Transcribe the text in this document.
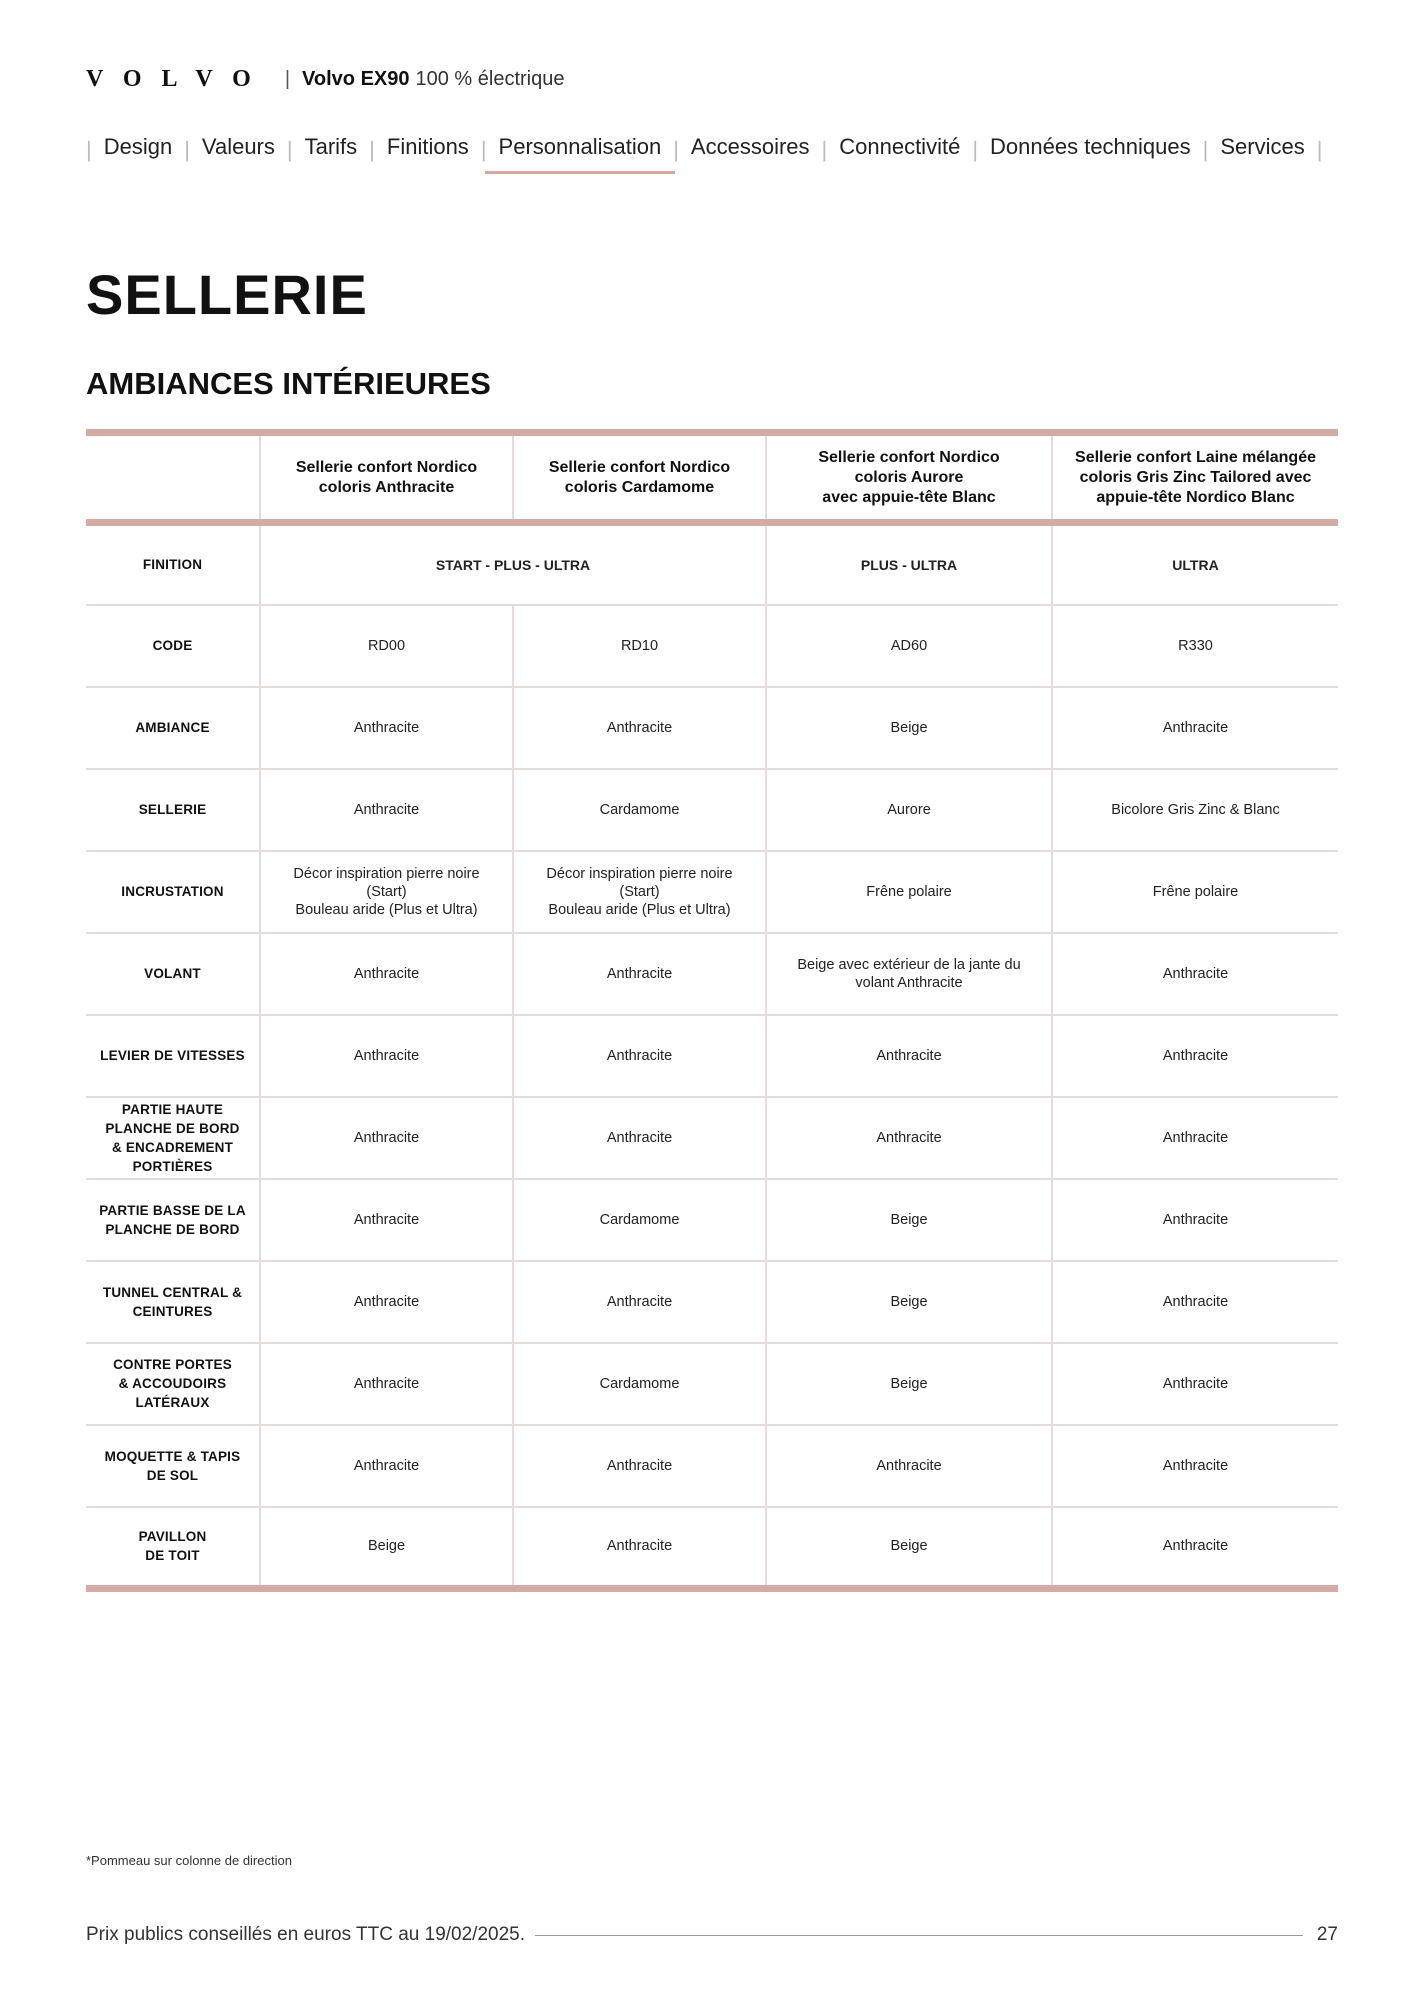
VOLVO | Volvo EX90 100 % électrique
| Design | Valeurs | Tarifs | Finitions | Personnalisation | Accessoires | Connectivité | Données techniques | Services |
SELLERIE
AMBIANCES INTÉRIEURES
	Sellerie confort Nordico
coloris Anthracite	Sellerie confort Nordico
coloris Cardamome	Sellerie confort Nordico
coloris Aurore
avec appuie-tête Blanc	Sellerie confort Laine mélangée
coloris Gris Zinc Tailored avec
appuie-tête Nordico Blanc
FINITION	START - PLUS - ULTRA		PLUS - ULTRA	ULTRA
CODE	RD00	RD10	AD60	R330
AMBIANCE	Anthracite	Anthracite	Beige	Anthracite
SELLERIE	Anthracite	Cardamome	Aurore	Bicolore Gris Zinc & Blanc
INCRUSTATION	Décor inspiration pierre noire
(Start)
Bouleau aride (Plus et Ultra)	Décor inspiration pierre noire
(Start)
Bouleau aride (Plus et Ultra)	Frêne polaire	Frêne polaire
VOLANT	Anthracite	Anthracite	Beige avec extérieur de la jante du
volant Anthracite	Anthracite
LEVIER DE VITESSES	Anthracite	Anthracite	Anthracite	Anthracite
PARTIE HAUTE
PLANCHE DE BORD
& ENCADREMENT
PORTIÈRES	Anthracite	Anthracite	Anthracite	Anthracite
PARTIE BASSE DE LA
PLANCHE DE BORD	Anthracite	Cardamome	Beige	Anthracite
TUNNEL CENTRAL &
CEINTURES	Anthracite	Anthracite	Beige	Anthracite
CONTRE PORTES
& ACCOUDOIRS
LATÉRAUX	Anthracite	Cardamome	Beige	Anthracite
MOQUETTE & TAPIS
DE SOL	Anthracite	Anthracite	Anthracite	Anthracite
PAVILLON
DE TOIT	Beige	Anthracite	Beige	Anthracite
*Pommeau sur colonne de direction
Prix publics conseillés en euros TTC au 19/02/2025.	27
